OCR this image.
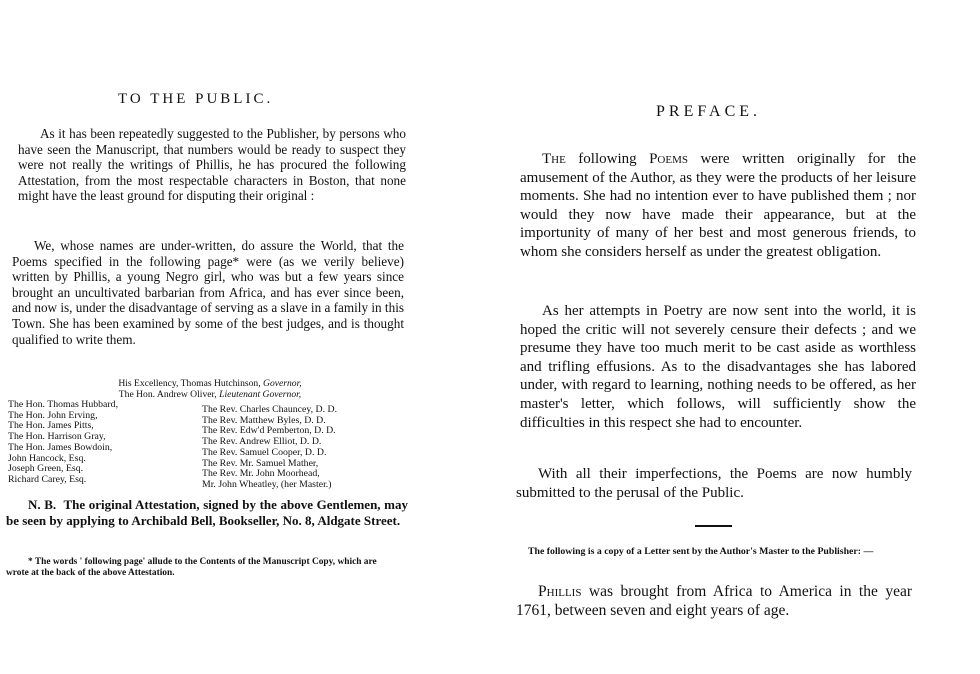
TO THE PUBLIC.

As it has been repeatedly suggested to the Publisher, by persons who have seen the Manuscript, that numbers would be ready to suspect they were not really the writings of Phillis, he has procured the following Attestation, from the most respectable characters in Boston, that none might have the least ground for disputing their original :

We, whose names are under-written, do assure the World, that the Poems specified in the following page* were (as we verily believe) written by Phillis, a young Negro girl, who was but a few years since brought an uncultivated barbarian from Africa, and has ever since been, and now is, under the disadvantage of serving as a slave in a family in this Town. She has been examined by some of the best judges, and is thought qualified to write them.

His Excellency, Thomas Hutchinson, Governor,
The Hon. Andrew Oliver, Lieutenant Governor,
The Hon. Thomas Hubbard,
The Hon. John Erving,
The Hon. James Pitts,
The Hon. Harrison Gray,
The Hon. James Bowdoin,
John Hancock, Esq.
Joseph Green, Esq.
Richard Carey, Esq.
The Rev. Charles Chauncey, D. D.
The Rev. Matthew Byles, D. D.
The Rev. Edw'd Pemberton, D. D.
The Rev. Andrew Elliot, D. D.
The Rev. Samuel Cooper, D. D.
The Rev. Mr. Samuel Mather,
The Rev. Mr. John Moorhead,
Mr. John Wheatley, (her Master.)

N. B. The original Attestation, signed by the above Gentlemen, may be seen by applying to Archibald Bell, Bookseller, No. 8, Aldgate Street.

* The words ' following page' allude to the Contents of the Manuscript Copy, which are wrote at the back of the above Attestation.

PREFACE.

The following Poems were written originally for the amusement of the Author, as they were the products of her leisure moments. She had no intention ever to have published them ; nor would they now have made their appearance, but at the importunity of many of her best and most generous friends, to whom she considers herself as under the greatest obligation.

As her attempts in Poetry are now sent into the world, it is hoped the critic will not severely censure their defects ; and we presume they have too much merit to be cast aside as worthless and trifling effusions. As to the disadvantages she has labored under, with regard to learning, nothing needs to be offered, as her master's letter, which follows, will sufficiently show the difficulties in this respect she had to encounter.

With all their imperfections, the Poems are now humbly submitted to the perusal of the Public.

The following is a copy of a Letter sent by the Author's Master to the Publisher: —

Phillis was brought from Africa to America in the year 1761, between seven and eight years of age.
